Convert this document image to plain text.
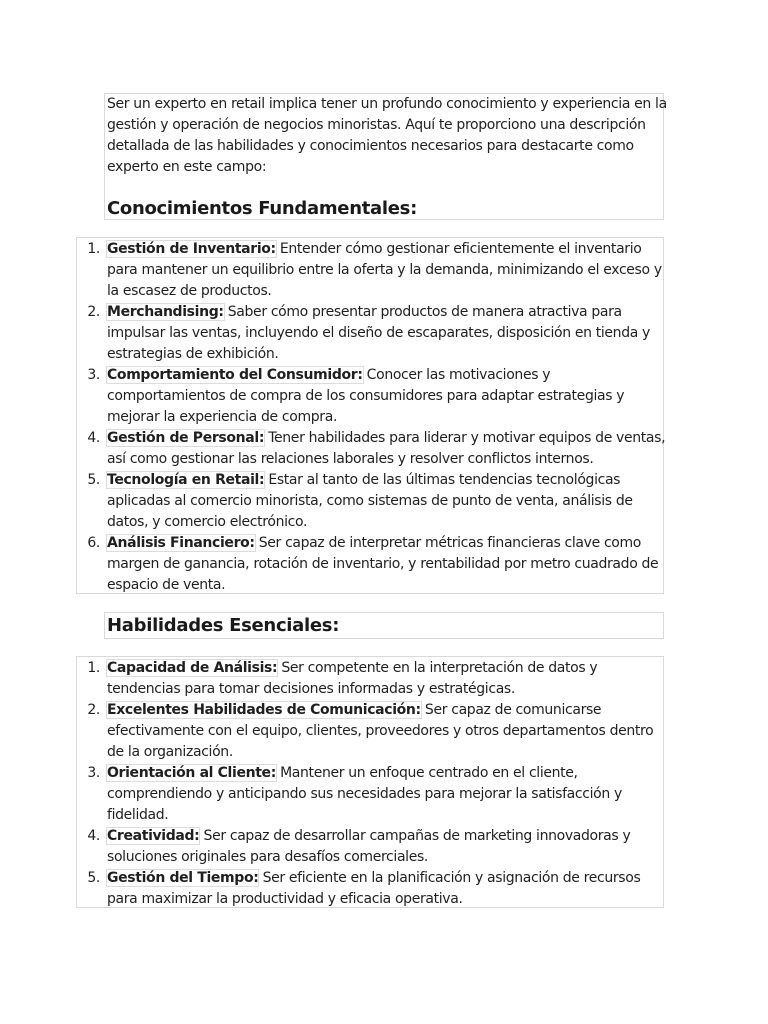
Ser un experto en retail implica tener un profundo conocimiento y experiencia en la gestión y operación de negocios minoristas. Aquí te proporciono una descripción detallada de las habilidades y conocimientos necesarios para destacarte como experto en este campo:

Conocimientos Fundamentales:
1. Gestión de Inventario: Entender cómo gestionar eficientemente el inventario para mantener un equilibrio entre la oferta y la demanda, minimizando el exceso y la escasez de productos.
2. Merchandising: Saber cómo presentar productos de manera atractiva para impulsar las ventas, incluyendo el diseño de escaparates, disposición en tienda y estrategias de exhibición.
3. Comportamiento del Consumidor: Conocer las motivaciones y comportamientos de compra de los consumidores para adaptar estrategias y mejorar la experiencia de compra.
4. Gestión de Personal: Tener habilidades para liderar y motivar equipos de ventas, así como gestionar las relaciones laborales y resolver conflictos internos.
5. Tecnología en Retail: Estar al tanto de las últimas tendencias tecnológicas aplicadas al comercio minorista, como sistemas de punto de venta, análisis de datos, y comercio electrónico.
6. Análisis Financiero: Ser capaz de interpretar métricas financieras clave como margen de ganancia, rotación de inventario, y rentabilidad por metro cuadrado de espacio de venta.
Habilidades Esenciales:
1. Capacidad de Análisis: Ser competente en la interpretación de datos y tendencias para tomar decisiones informadas y estratégicas.
2. Excelentes Habilidades de Comunicación: Ser capaz de comunicarse efectivamente con el equipo, clientes, proveedores y otros departamentos dentro de la organización.
3. Orientación al Cliente: Mantener un enfoque centrado en el cliente, comprendiendo y anticipando sus necesidades para mejorar la satisfacción y fidelidad.
4. Creatividad: Ser capaz de desarrollar campañas de marketing innovadoras y soluciones originales para desafíos comerciales.
5. Gestión del Tiempo: Ser eficiente en la planificación y asignación de recursos para maximizar la productividad y eficacia operativa.
